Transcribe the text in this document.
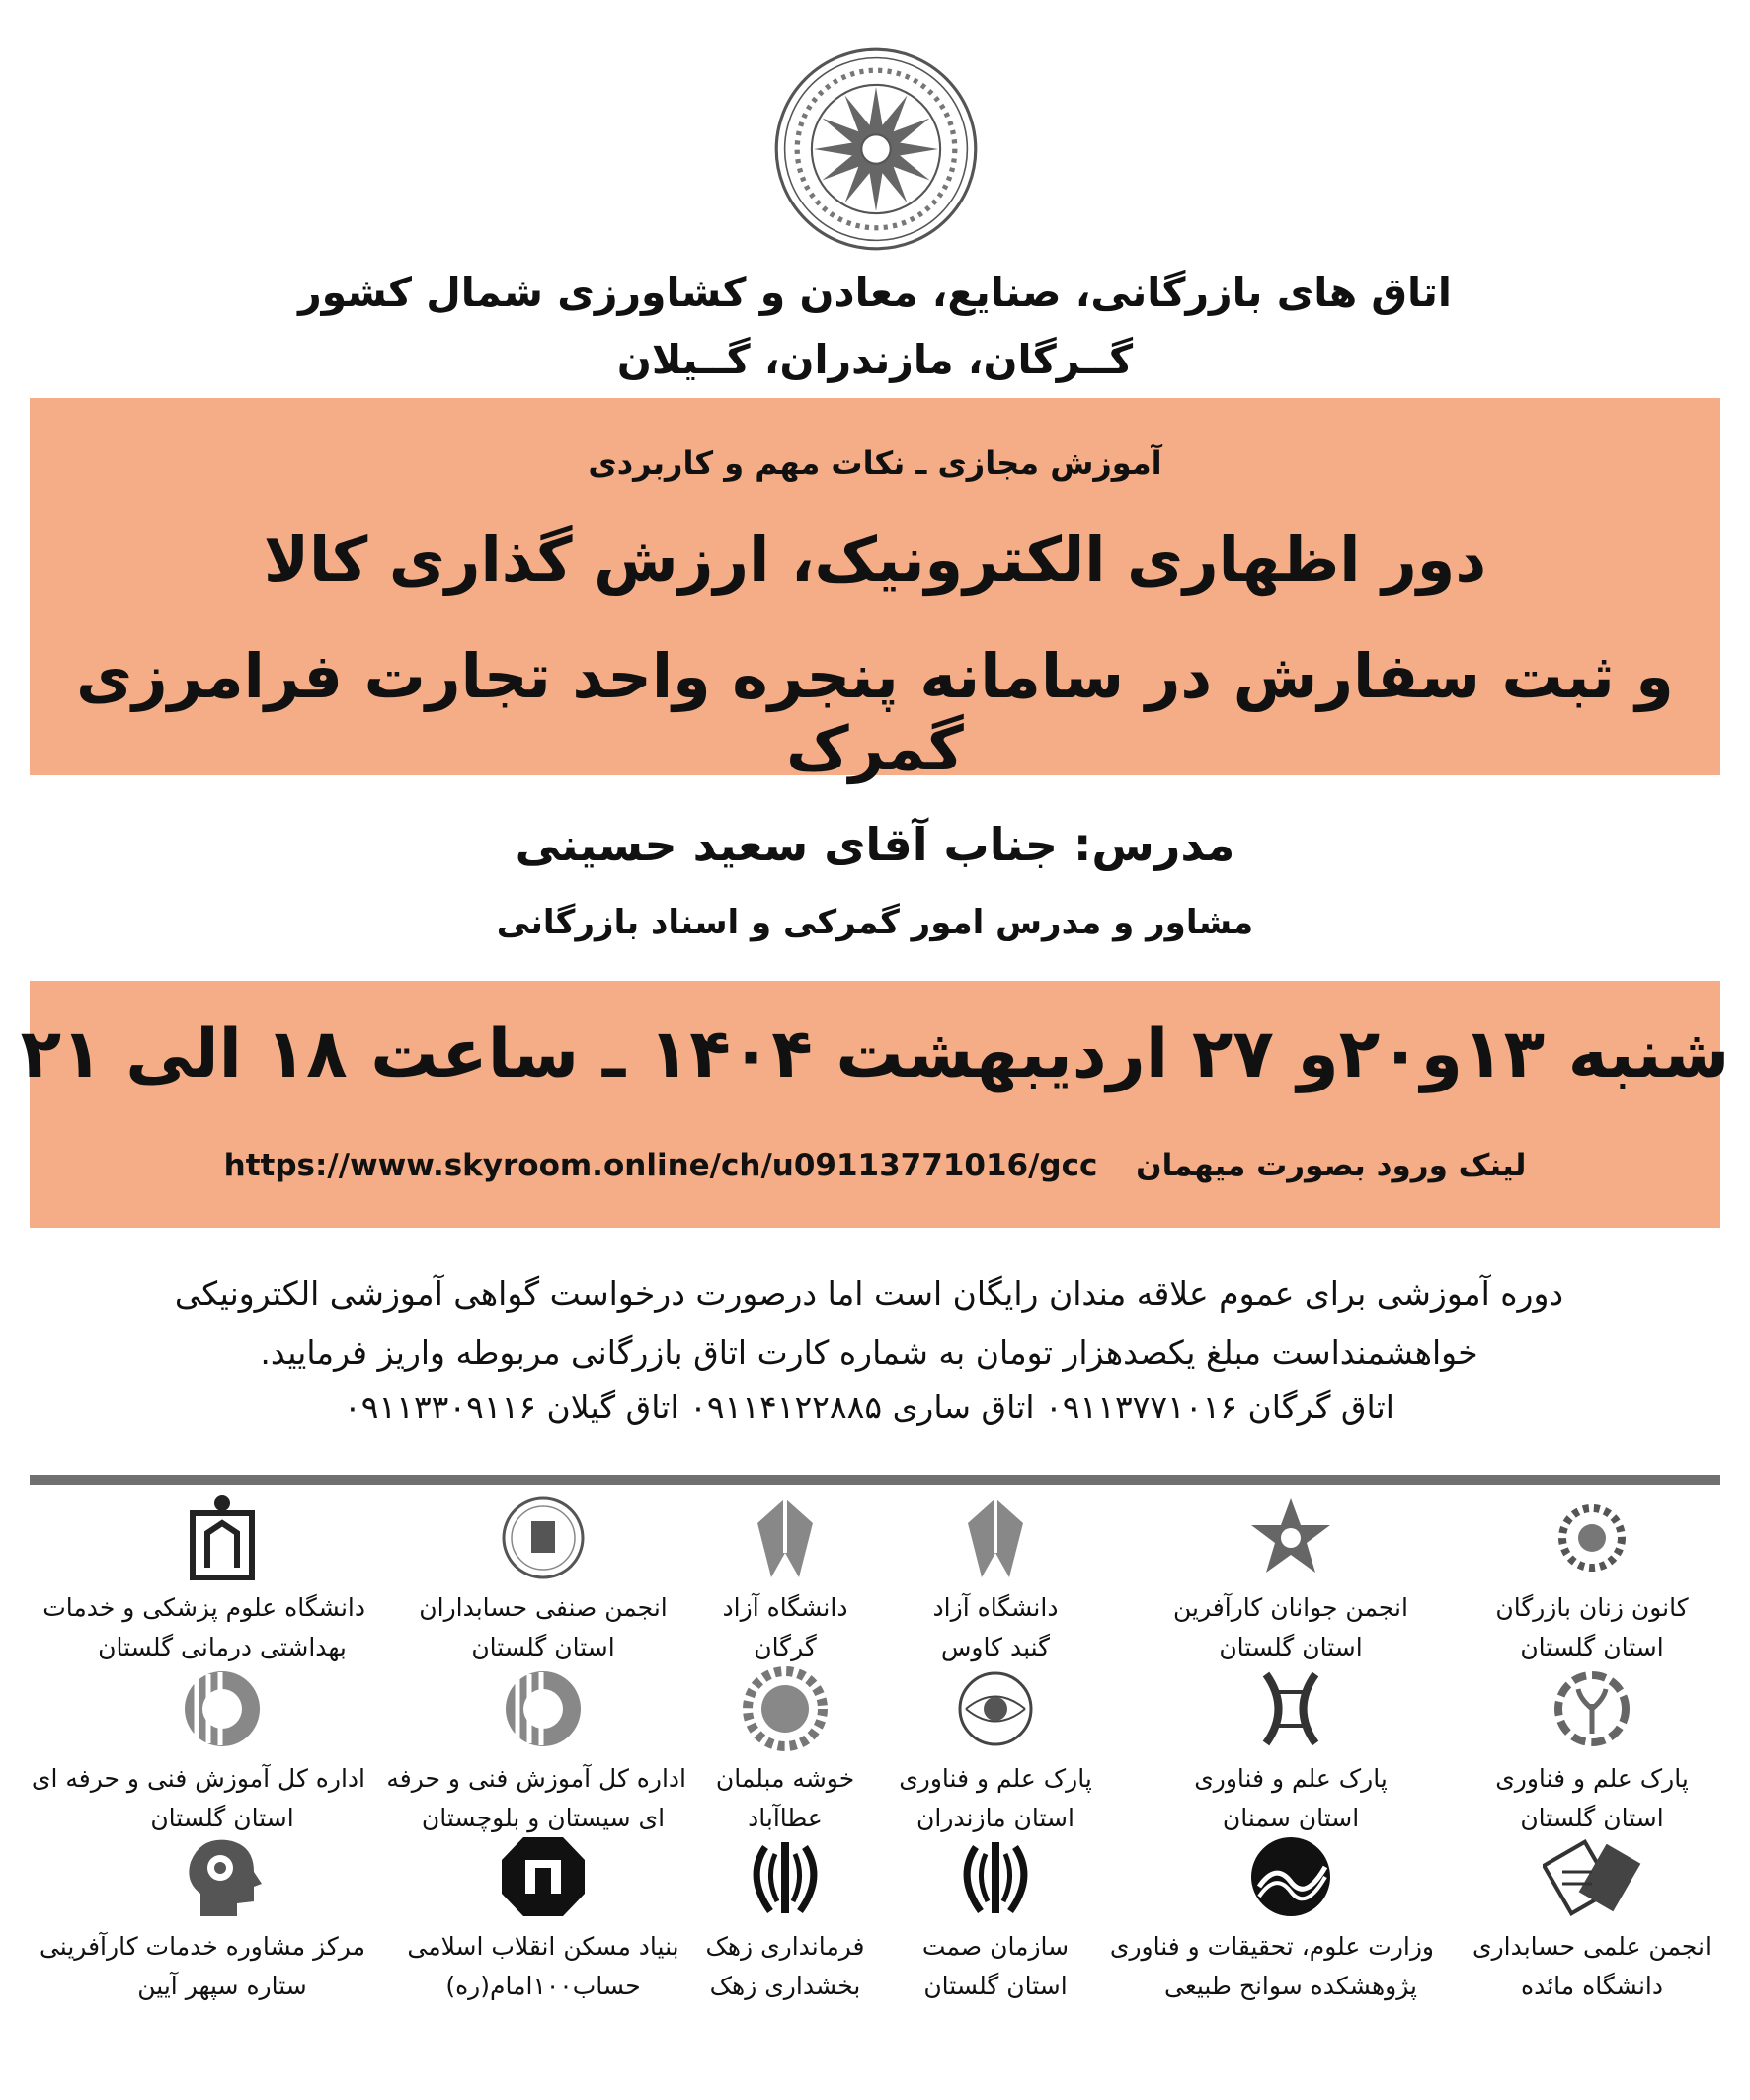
اتاق های بازرگانی، صنایع، معادن و کشاورزی شمال کشور
گــرگان، مازندران، گــیلان
آموزش مجازی ـ نکات مهم و کاربردی
دور اظهاری الکترونیک، ارزش گذاری کالا
و ثبت سفارش در سامانه پنجره واحد تجارت فرامرزی گمرک
مدرس: جناب آقای سعید حسینی
مشاور و مدرس امور گمرکی و اسناد بازرگانی
شنبه ۱۳و۲۰و ۲۷ اردیبهشت ۱۴۰۴ ـ ساعت ۱۸ الی ۲۱
لینک ورود بصورت میهمان https://www.skyroom.online/ch/u09113771016/gcc
دوره آموزشی برای عموم علاقه مندان رایگان است اما درصورت درخواست گواهی آموزشی الکترونیکی
خواهشمنداست مبلغ یکصدهزار تومان به شماره کارت اتاق بازرگانی مربوطه واریز فرمایید.
اتاق گرگان ۰۹۱۱۳۷۷۱۰۱۶ اتاق ساری ۰۹۱۱۴۱۲۲۸۸۵ اتاق گیلان ۰۹۱۱۳۳۰۹۱۱۶
کانون زنان بازرگان
استان گلستان
انجمن جوانان کارآفرین
استان گلستان
دانشگاه آزاد
گنبد کاوس
دانشگاه آزاد
گرگان
انجمن صنفی حسابداران
استان گلستان
دانشگاه علوم پزشکی و خدمات
بهداشتی درمانی گلستان
پارک علم و فناوری
استان گلستان
پارک علم و فناوری
استان سمنان
پارک علم و فناوری
استان مازندران
خوشه مبلمان
عطاآباد
اداره کل آموزش فنی و حرفه
ای سیستان و بلوچستان
اداره کل آموزش فنی و حرفه ای
استان گلستان
انجمن علمی حسابداری
دانشگاه مائده
وزارت علوم، تحقیقات و فناوری
پژوهشکده سوانح طبیعی
سازمان صمت
استان گلستان
فرمانداری زهک
بخشداری زهک
بنیاد مسکن انقلاب اسلامی
حساب۱۰۰امام(ره)
مرکز مشاوره خدمات کارآفرینی
ستاره سپهر آیین
